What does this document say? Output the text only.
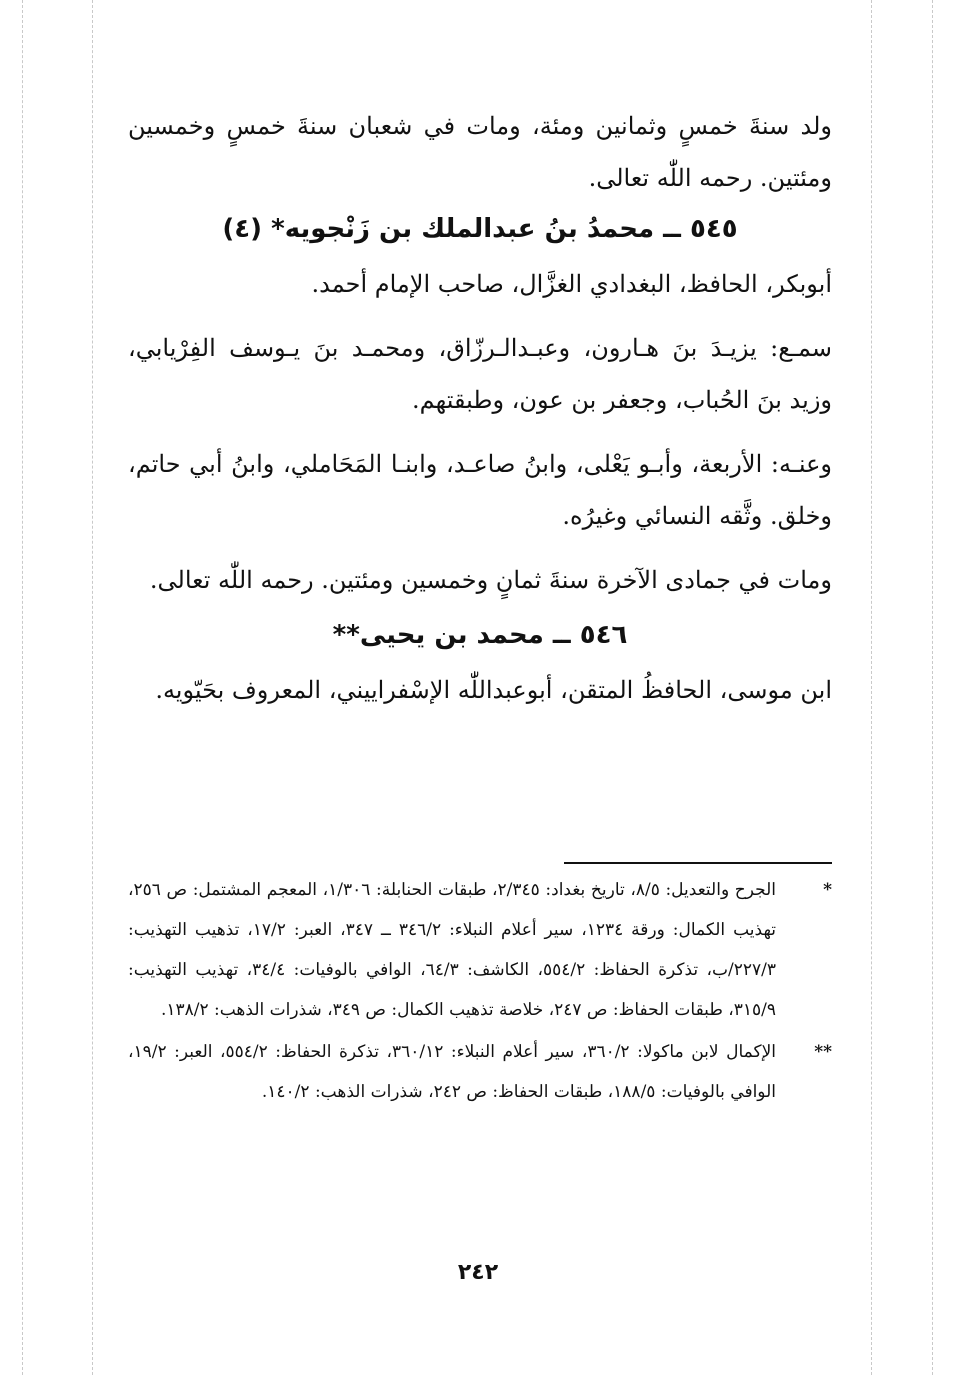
ولد سنةَ خمسٍ وثمانين ومئة، ومات في شعبان سنةَ خمسٍ وخمسين ومئتين. رحمه اللّٰه تعالى.

٥٤٥ ــ محمدُ بنُ عبدالملك بن زَنْجويه* (٤)

أبوبكر، الحافظ، البغدادي الغزَّال، صاحب الإمام أحمد.

سمـع: يزيـدَ بنَ هـارون، وعبـدالـرزّاق، ومحمـد بنَ يـوسف الفِرْيابي، وزيد بنَ الحُباب، وجعفر بن عون، وطبقتهم.

وعنـه: الأربعة، وأبـو يَعْلى، وابنُ صاعـد، وابنـا المَحَاملي، وابنُ أبي حاتم، وخلق. وثَّقه النسائي وغيرُه.

ومات في جمادى الآخرة سنةَ ثمانٍ وخمسين ومئتين. رحمه اللّٰه تعالى.

٥٤٦ ــ محمد بن يحيى**

ابن موسى، الحافظُ المتقن، أبوعبداللّٰه الإسْفراييني، المعروف بحَيّويه.

*
الجرح والتعديل: ٨/٥، تاريخ بغداد: ٢/٣٤٥، طبقات الحنابلة: ١/٣٠٦، المعجم المشتمل: ص ٢٥٦، تهذيب الكمال: ورقة ١٢٣٤، سير أعلام النبلاء: ٣٤٦/٢ ــ ٣٤٧، العبر: ١٧/٢، تذهيب التهذيب: ٢٢٧/٣/ب، تذكرة الحفاظ: ٥٥٤/٢، الكاشف: ٦٤/٣، الوافي بالوفيات: ٣٤/٤، تهذيب التهذيب: ٣١٥/٩، طبقات الحفاظ: ص ٢٤٧، خلاصة تذهيب الكمال: ص ٣٤٩، شذرات الذهب: ١٣٨/٢.

**
الإكمال لابن ماكولا: ٣٦٠/٢، سير أعلام النبلاء: ٣٦٠/١٢، تذكرة الحفاظ: ٥٥٤/٢، العبر: ١٩/٢، الوافي بالوفيات: ١٨٨/٥، طبقات الحفاظ: ص ٢٤٢، شذرات الذهب: ١٤٠/٢.

٢٤٢
